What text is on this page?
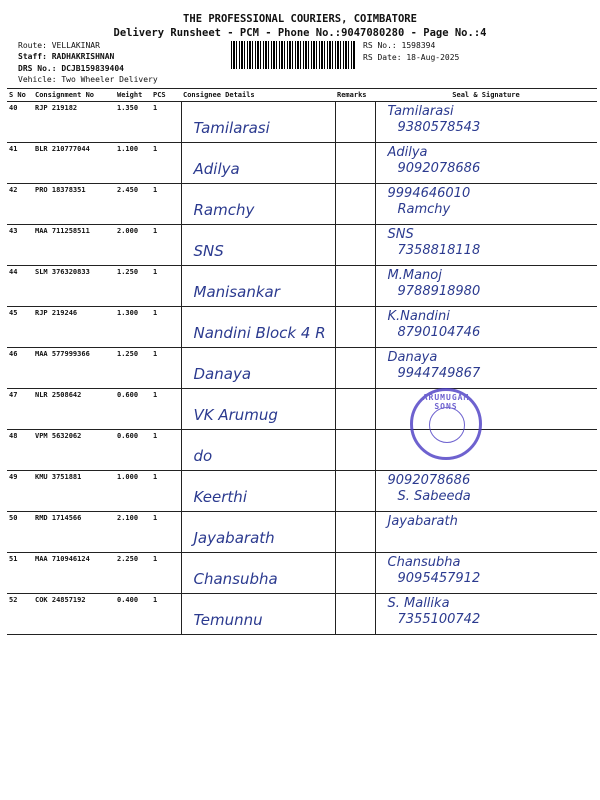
THE PROFESSIONAL COURIERS, COIMBATORE
Delivery Runsheet - PCM - Phone No.:9047080280 - Page No.:4
Route: VELLAKINAR
Staff: RADHAKRISHNAN
DRS No.: DCJB159839404
Vehicle: Two Wheeler Delivery
RS No.: 1598394
RS Date: 18-Aug-2025
S No	Consignment No	Weight	PCS	Consignee Details	Remarks	Seal & Signature
40	RJP 219182	1.350	1	Tamilarasi		Tamilarasi
9380578543

41	BLR 210777044	1.100	1	Adilya		Adilya
9092078686

42	PRO 18378351	2.450	1	Ramchy		9994646010
Ramchy

43	MAA 711258511	2.000	1	SNS		SNS
7358818118

44	SLM 376320833	1.250	1	Manisankar		M.Manoj
9788918980

45	RJP 219246	1.300	1	Nandini Block 4 R		K.Nandini
8790104746

46	MAA 577999366	1.250	1	Danaya		Danaya
9944749867

47	NLR 2508642	0.600	1	VK Arumug		

48	VPM 5632062	0.600	1	do		

49	KMU 3751881	1.000	1	Keerthi		9092078686
S. Sabeeda

50	RMD 1714566	2.100	1	Jayabarath		Jayabarath

51	MAA 710946124	2.250	1	Chansubha		Chansubha
9095457912

52	COK 24857192	0.400	1	Temunnu		S. Mallika
7355100742
ARUMUGAM SONS
